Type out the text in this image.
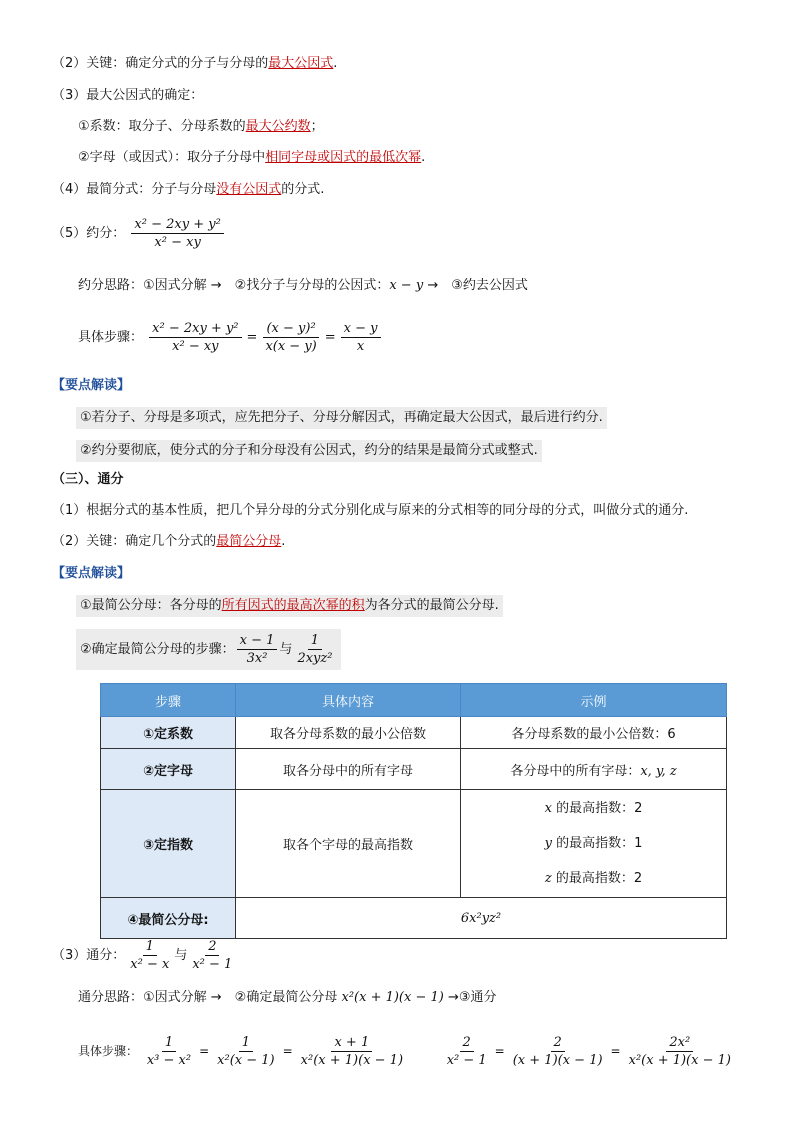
（2）关键：确定分式的分子与分母的最大公因式.
（3）最大公因式的确定：
①系数：取分子、分母系数的最大公约数；
②字母（或因式）：取分子分母中相同字母或因式的最低次幂.
（4）最简分式：分子与分母没有公因式的分式.
（5）约分： $\frac{\text{x² − 2xy + y²}}{\text{x² − xy}}$
约分思路：①因式分解 →　②找分子与分母的公因式：x − y →　③约去公因式
具体步骤： $\frac{\text{x² − 2xy + y²}}{\text{x² − xy}} = \frac{\text{(x − y)²}}{x(x - y)} = \frac{x - y}{x}$
【要点解读】
①若分子、分母是多项式，应先把分子、分母分解因式，再确定最大公因式，最后进行约分.
②约分要彻底，使分式的分子和分母没有公因式，约分的结果是最简分式或整式.
（三）、通分
（1）根据分式的基本性质，把几个异分母的分式分别化成与原来的分式相等的同分母的分式，叫做分式的通分.
（2）关键：确定几个分式的最简公分母.
【要点解读】
①最简公分母：各分母的所有因式的最高次幂的积为各分式的最简公分母.
②确定最简公分母的步骤： $\frac{x - 1}{\text{3x²}}$ 与 $\frac{1}{\text{2xyz²}}$
步骤	具体内容	示例
①定系数	取各分母系数的最小公倍数	各分母系数的最小公倍数：6
②定字母	取各分母中的所有字母	各分母中的所有字母：x, y, z
③定指数	取各个字母的最高指数	x 的最高指数：2
y 的最高指数：1
z 的最高指数：2

④最简公分母:	6x²yz²	
（3）通分： $\frac{1}{\text{x² − x}}$ 与 $\frac{2}{\text{x² − 1}}$
通分思路：①因式分解 →　②确定最简公分母 x²(x + 1)(x − 1) →③通分
具体步骤： $\frac{1}{\text{x³ − x²}} = \frac{1}{\text{x²(x − 1)}} = \frac{x + 1}{\text{x²(x + 1)(x − 1)}}$
	$\frac{2}{\text{x² − 1}} = \frac{2}{(x + 1)(x - 1)} = \frac{\text{2x²}}{\text{x²(x + 1)(x − 1)}}$
